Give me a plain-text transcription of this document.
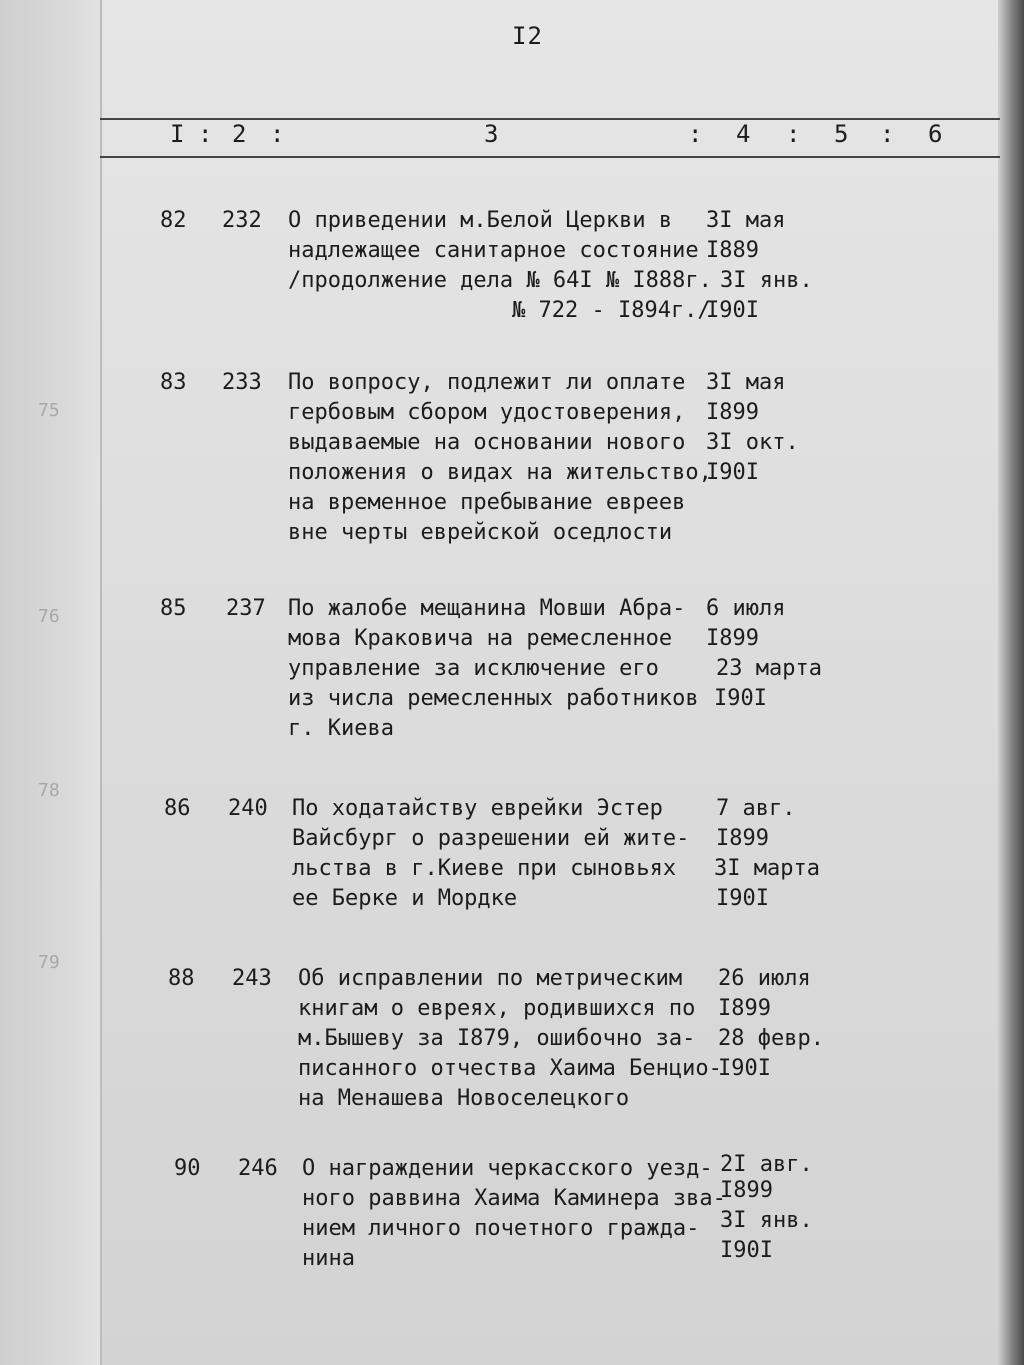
75
76
78
79
I2
I : 2 :	3	: 4 : 5 : 6
82 232 О приведении м.Белой Церкви в
надлежащее санитарное состояние
/продолжение дела № 64I № I888г.
№ 722 - I894г./
3I мая
I889
3I янв.
I90I
83 233 По вопросу, подлежит ли оплате
гербовым сбором удостоверения,
выдаваемые на основании нового
положения о видах на жительство,
на временное пребывание евреев
вне черты еврейской оседлости
3I мая
I899
3I окт.
I90I
85 237 По жалобе мещанина Мовши Абра-
мова Краковича на ремесленное
управление за исключение его
из числа ремесленных работников
г. Киева
6 июля
I899
23 марта
I90I
86 240 По ходатайству еврейки Эстер
Вайсбург о разрешении ей жите-
льства в г.Киеве при сыновьях
ее Берке и Мордке
7 авг.
I899
3I марта
I90I
88 243 Об исправлении по метрическим
книгам о евреях, родившихся по
м.Бышеву за I879, ошибочно за-
писанного отчества Хаима Бенцио-
на Менашева Новоселецкого
26 июля
I899
28 февр.
I90I
90 246 О награждении черкасского уезд-
ного раввина Хаима Каминера зва-
нием личного почетного гражда-
нина
2I авг.
I899
3I янв.
I90I
